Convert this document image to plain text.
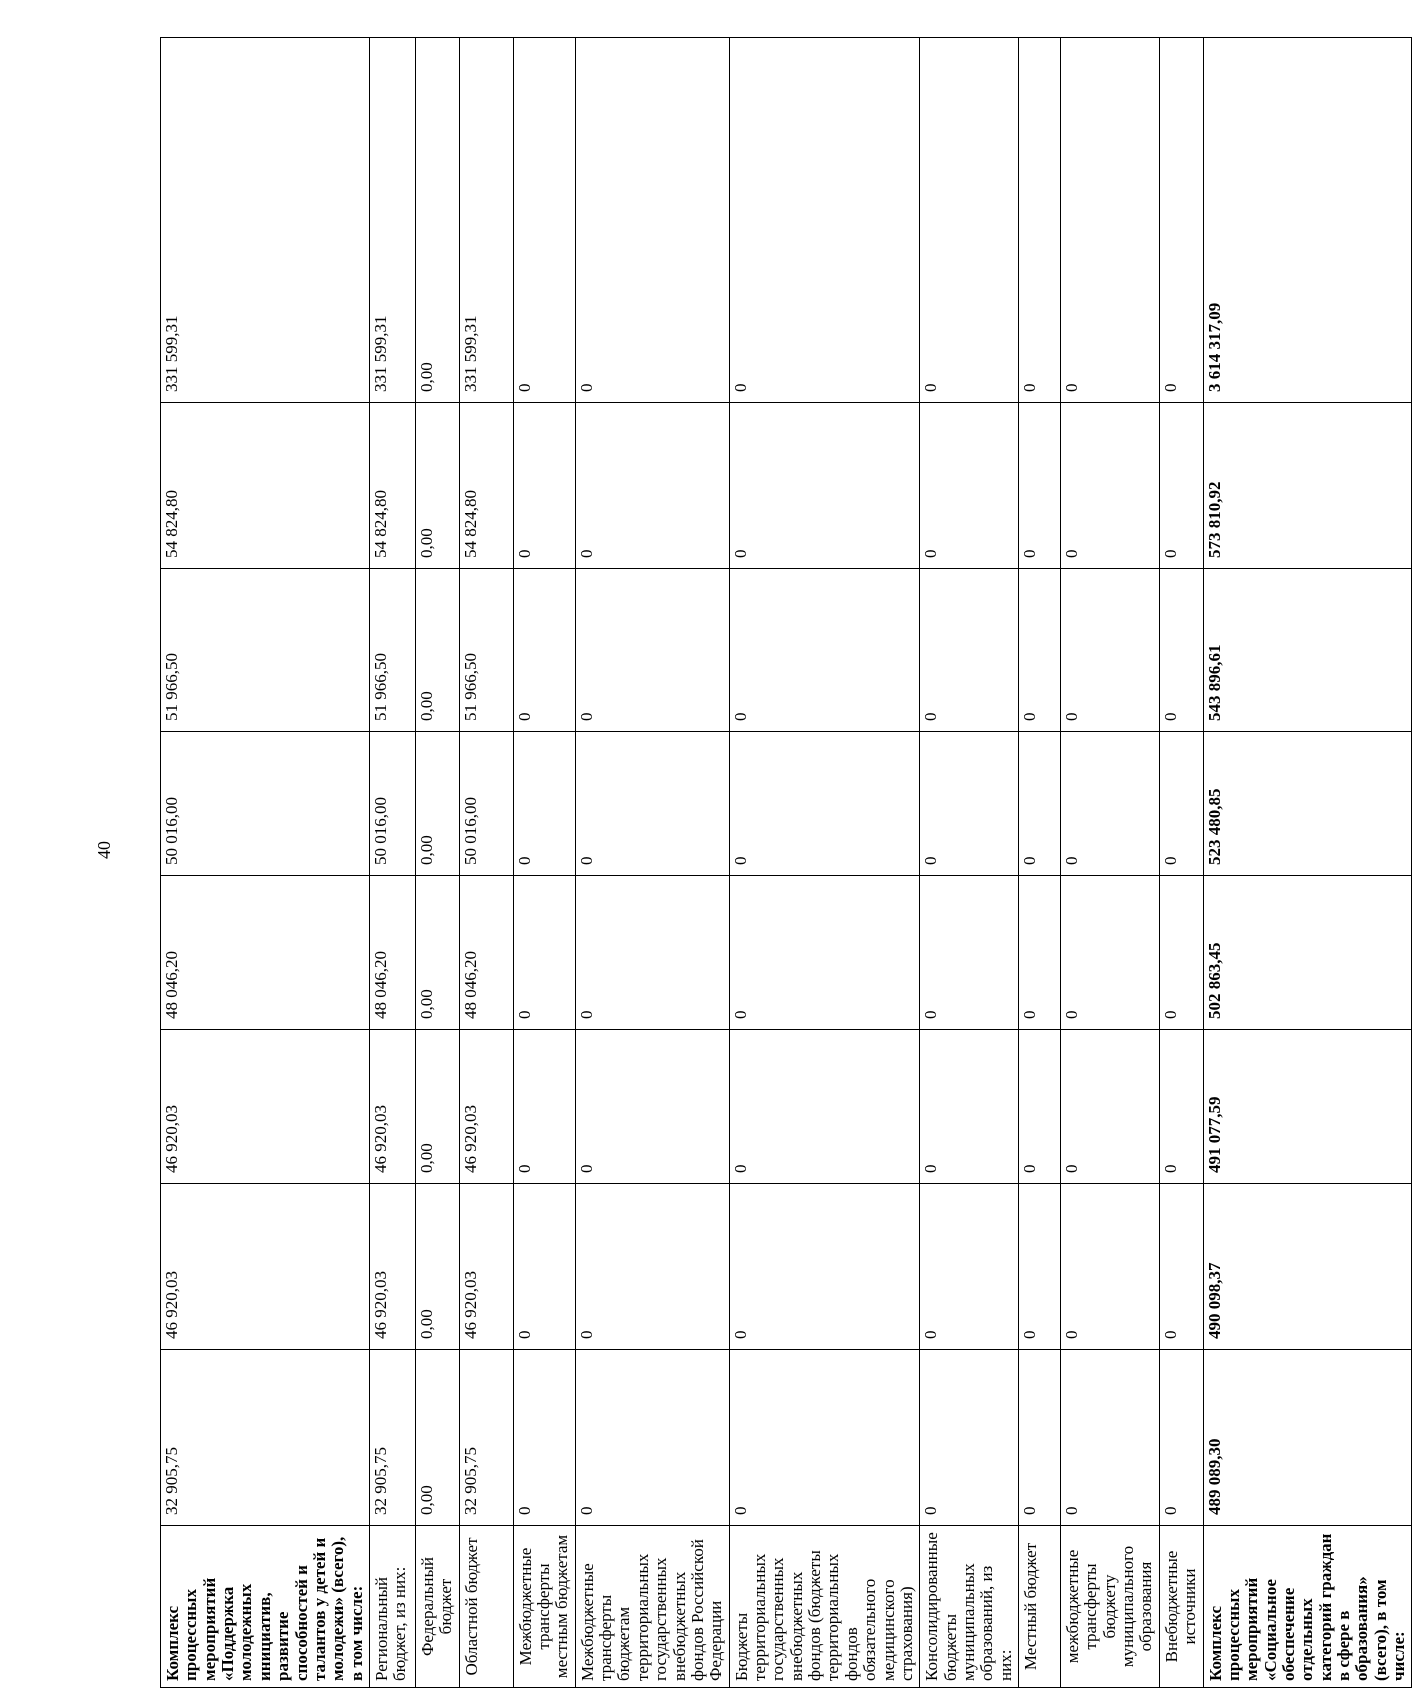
40
Комплекс процессных мероприятий «Поддержка молодежных инициатив, развитие способностей и талантов у детей и молодежи» (всего), в том числе:	32 905,75	46 920,03	46 920,03	48 046,20	50 016,00	51 966,50	54 824,80	331 599,31
Региональный бюджет, из них:	32 905,75	46 920,03	46 920,03	48 046,20	50 016,00	51 966,50	54 824,80	331 599,31
Федеральный бюджет	0,00	0,00	0,00	0,00	0,00	0,00	0,00	0,00
Областной бюджет	32 905,75	46 920,03	46 920,03	48 046,20	50 016,00	51 966,50	54 824,80	331 599,31
Межбюджетные трансферты местным бюджетам	0	0	0	0	0	0	0	0
Межбюджетные трансферты бюджетам территориальных государственных внебюджетных фондов Российской Федерации	0	0	0	0	0	0	0	0
Бюджеты территориальных государственных внебюджетных фондов (бюджеты территориальных фондов обязательного медицинского страхования)	0	0	0	0	0	0	0	0
Консолидированные бюджеты муниципальных образований, из них:	0	0	0	0	0	0	0	0
Местный бюджет	0	0	0	0	0	0	0	0
межбюджетные трансферты бюджету муниципального образования	0	0	0	0	0	0	0	0
Внебюджетные источники	0	0	0	0	0	0	0	0
Комплекс процессных мероприятий «Социальное обеспечение отдельных категорий граждан в сфере в образования» (всего), в том числе:	489 089,30	490 098,37	491 077,59	502 863,45	523 480,85	543 896,61	573 810,92	3 614 317,09
